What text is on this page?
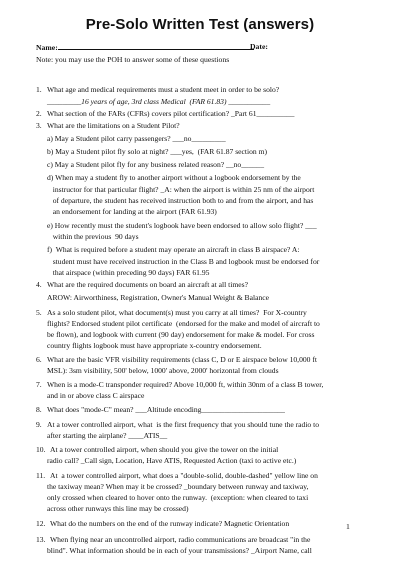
Pre-Solo Written Test (answers)
Name:	Date:
Note: you may use the POH to answer some of these questions
1. What age and medical requirements must a student meet in order to be solo?
_________16 years of age, 3rd class Medical  (FAR 61.83) ___________
2. What section of the FARs (CFRs) covers pilot certification? _Part 61__________
3. What are the limitations on a Student Pilot?
a) May a Student pilot carry passengers? ___no_________
b) May a Student pilot fly solo at night? ___yes,  (FAR 61.87 section m)
c) May a Student pilot fly for any business related reason? __no______
d) When may a student fly to another airport without a logbook endorsement by the
instructor for that particular flight? _A: when the airport is within 25 nm of the airport
of departure, the student has received instruction both to and from the airport, and has
an endorsement for landing at the airport (FAR 61.93)
e) How recently must the student's logbook have been endorsed to allow solo flight? ___
within the previous  90 days
f)  What is required before a student may operate an aircraft in class B airspace? A:
student must have received instruction in the Class B and logbook must be endorsed for
that airspace (within preceding 90 days) FAR 61.95
4. What are the required documents on board an aircraft at all times?
AROW: Airworthiness, Registration, Owner's Manual Weight & Balance
5. As a solo student pilot, what document(s) must you carry at all times?  For X-country
flights? Endorsed student pilot certificate  (endorsed for the make and model of aircraft to
be flown), and logbook with current (90 day) endorsement for make & model. For cross
country flights logbook must have appropriate x-country endorsement.
6. What are the basic VFR visibility requirements (class C, D or E airspace below 10,000 ft
MSL): 3sm visibility, 500' below, 1000' above, 2000' horizontal from clouds
7. When is a mode-C transponder required? Above 10,000 ft, within 30nm of a class B tower,
and in or above class C airspace
8. What does "mode-C" mean? ___Altitude encoding______________________
9. At a tower controlled airport, what  is the first frequency that you should tune the radio to
after starting the airplane? ____ATIS__
10. At a tower controlled airport, when should you give the tower on the initial
radio call? _Call sign, Location, Have ATIS, Requested Action (taxi to active etc.)
11. At  a tower controlled airport, what does a "double-solid, double-dashed" yellow line on
the taxiway mean? When may it be crossed? _boundary between runway and taxiway,
only crossed when cleared to hover onto the runway.  (exception: when cleared to taxi
across other runways this line may be crossed)
12. What do the numbers on the end of the runway indicate? Magnetic Orientation
13. When flying near an uncontrolled airport, radio communications are broadcast "in the
blind". What information should be in each of your transmissions? _Airport Name, call
1
